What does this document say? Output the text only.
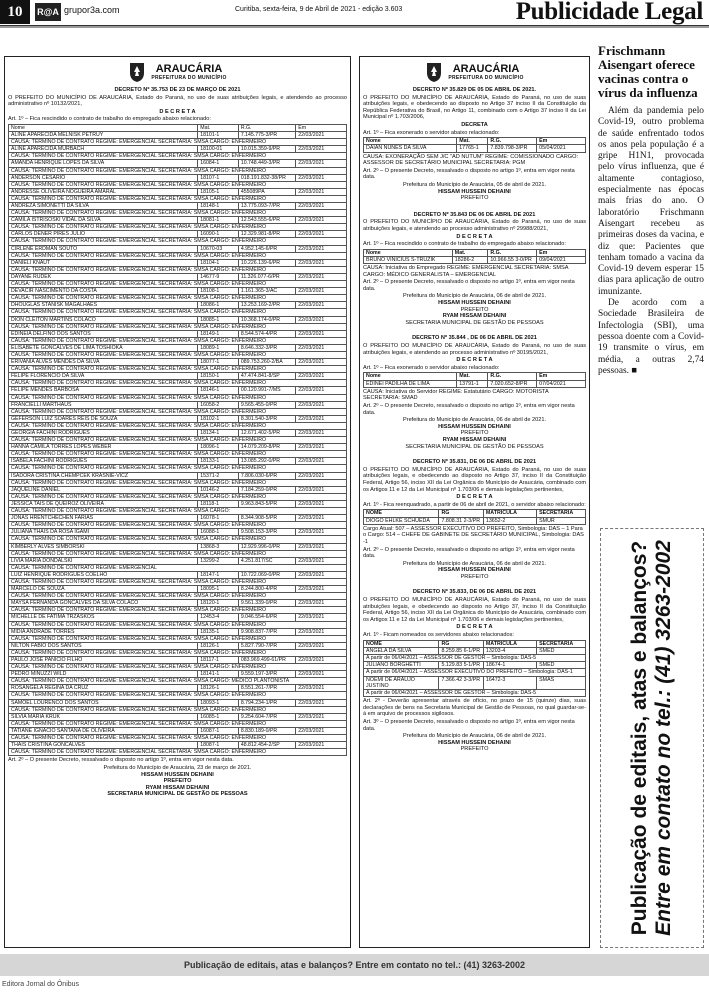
10	R@A grupor3a.com	Curitiba, sexta-feira, 9 de Abril de 2021 - edição 3.603	Publicidade Legal
ARAUCÁRIA
PREFEITURA DO MUNICÍPIO
DECRETO Nº 35.753 DE 23 DE MARÇO DE 2021
O PREFEITO DO MUNICÍPIO DE ARAUCÁRIA, Estado do Paraná, no uso de suas atribuições legais, e atendendo ao processo administrativo nº 10132/2021,
D E C R E T A
Art. 1º – Fica rescindido o contrato de trabalho do empregado abaixo relacionado:
Nome	Mat.	R.G.	Em
ALINE APARECIDA MELNISK PETRUY	18101-1	7.145.775-3/PR	22/03/2021
CAUSA: TERMINO DE CONTRATO REGIME: EMERGENCIAL SECRETARIA: SMSA CARGO: ENFERMEIRO			
ALINE APARECIDA MURBACH	18100-01	10.015.359-9/PR	22/03/2021
CAUSA: TERMINO DE CONTRATO REGIME: EMERGENCIAL SECRETARIA: SMSA CARGO: ENFERMEIRO			
AMANDA HENRIQUE LOPES DA SILVA	16084-1	10.748.449-3/PR	22/03/2021
CAUSA: TERMINO DE CONTRATO REGIME: EMERGENCIAL SECRETARIA: SMSA CARGO: ENFERMEIRO			
ANDERSON CESARIO	18107-1	018.191.832-38/PR	22/03/2021
CAUSA: TERMINO DE CONTRATO REGIME: EMERGENCIAL SECRETARIA: SMSA CARGO: ENFERMEIRO			
ANDRESSE OLIVEIRA NOGUEIRA AMARAL	18105-1	455089PA	22/03/2021
CAUSA: TERMINO DE CONTRATO REGIME: EMERGENCIAL SECRETARIA: SMSA CARGO: ENFERMEIRO			
ANDREZA SIMONETTI DA SILVA	18148-1	13.775.093-7/PR	22/03/2021
CAUSA: TERMINO DE CONTRATO REGIME: EMERGENCIAL SECRETARIA: SMSA CARGO: ENFERMEIRO			
CAMILA ISTRISOSKI VIDAL DA SILVA	18081-1	12.543.555-6/PR	22/03/2021
CAUSA: TERMINO DE CONTRATO REGIME: EMERGENCIAL SECRETARIA: SMSA CARGO: ENFERMEIRO			
CARLOS DENER PIRES JULIO	16090-1	12.329.981-8/PR	22/03/2021
CAUSA: TERMINO DE CONTRATO REGIME: EMERGENCIAL SECRETARIA: SMSA CARGO: ENFERMEIRO			
CIRLENE ERDMAN SOUTO	10670-03	4.952.145-6/PR	22/03/2021
CAUSA: TERMINO DE CONTRATO REGIME: EMERGENCIAL SECRETARIA: SMSA CARGO: ENFERMEIRO			
DANIELI KNAUT	18104-1	10.226.139-6/PR	22/03/2021
CAUSA: TERMINO DE CONTRATO REGIME: EMERGENCIAL SECRETARIA: SMSA CARGO: ENFERMEIRO			
DAYANE RUDEK	14677-9	11.326.077-6/PR	22/03/2021
CAUSA: TERMINO DE CONTRATO REGIME: EMERGENCIAL SECRETARIA: SMSA CARGO: ENFERMEIRO			
DEVACIR NASCIMENTO DA COSTA	18108-1	1.161.365-3/AC	22/03/2021
CAUSA: TERMINO DE CONTRATO REGIME: EMERGENCIAL SECRETARIA: SMSA CARGO: ENFERMEIRO			
DHOUGLAS STANISK MAGALHAES	18086-1	13.253.169-2/PR	22/03/2021
CAUSA: TERMINO DE CONTRATO REGIME: EMERGENCIAL SECRETARIA: SMSA CARGO: ENFERMEIRO			
DION CLEITON MARTINS COLACO	18085-1	10.368.174-0/PR	22/03/2021
CAUSA: TERMINO DE CONTRATO REGIME: EMERGENCIAL SECRETARIA: SMSA CARGO: ENFERMEIRO			
EDINEIA DELFINO DOS SANTOS	18149-1	8.544.574-4/PR	22/03/2021
CAUSA: TERMINO DE CONTRATO REGIME: EMERGENCIAL SECRETARIA: SMSA CARGO: ENFERMEIRO			
ELISABETE GONCALVES DE LIMA TOSHIOKA	18089-1	8.646.332-3/PR	22/03/2021
CAUSA: TERMINO DE CONTRATO REGIME: EMERGENCIAL SECRETARIA: SMSA CARGO: ENFERMEIRO			
ERIVANIA ALVES MENDES DA SILVA	18077-1	089.753.260-2/BA	22/03/2021
CAUSA: TERMINO DE CONTRATO REGIME: EMERGENCIAL SECRETARIA: SMSA CARGO: ENFERMEIRO			
FELIPE FLORENCIO DA SILVA	18150-1	47.474.841-8/SP	22/03/2021
CAUSA: TERMINO DE CONTRATO REGIME: EMERGENCIAL SECRETARIA: SMSA CARGO: ENFERMEIRO			
FELIPE MENDES BARBOSA	18146-1	00.120.991-7/MS	22/03/2021
CAUSA: TERMINO DE CONTRATO REGIME: EMERGENCIAL SECRETARIA: SMSA CARGO: ENFERMEIRO			
FRANCIELLI MARTHAUS	16058-2	9.565.455-0/PR	22/03/2021
CAUSA: TERMINO DE CONTRATO REGIME: EMERGENCIAL SECRETARIA: SMSA CARGO: ENFERMEIRO			
GEFERSON LUIZ SOARES REIS DE SOUZA	18102-1	8.301.540-3/PR	22/03/2021
CAUSA: TERMINO DE CONTRATO REGIME: EMERGENCIAL SECRETARIA: SMSA CARGO: ENFERMEIRO			
GEORGIA FACHINI RODRIGUES	18134-1	12.671.402-5/PR	22/03/2021
CAUSA: TERMINO DE CONTRATO REGIME: EMERGENCIAL SECRETARIA: SMSA CARGO: ENFERMEIRO			
HANNA CAMILA TORRES LOPES WEBER	18096-1	14.079.209-8/PR	22/03/2021
CAUSA: TERMINO DE CONTRATO REGIME: EMERGENCIAL SECRETARIA: SMSA CARGO: ENFERMEIRO			
ISABELA FACHINI RODRIGUES	18133-1	13.085.292-0/PR	22/03/2021
CAUSA: TERMINO DE CONTRATO REGIME: EMERGENCIAL SECRETARIA: SMSA CARGO: ENFERMEIRO			
ISADORA CRISTINA CHEMPCEK KRASNIE-VICZ	15371-2	7.806.030-6/PR	22/03/2021
CAUSA: TERMINO DE CONTRATO REGIME: EMERGENCIAL SECRETARIA: SMSA CARGO: ENFERMEIRO			
JAQUELINE DANIEL	10146-2	7.184.259-0/PR	22/03/2021
CAUSA: TERMINO DE CONTRATO REGIME: EMERGENCIAL SECRETARIA: SMSA CARGO: ENFERMEIRO			
JESSICA TAIS DE QUEIROZ OLIVEIRA	18118-1	9.963.843-5/PR	22/03/2021
CAUSA: TERMINO DE CONTRATO REGIME: EMERGENCIAL SECRETARIA: SMSA CARGO:			
JONAS HRENTCHECHEN FARIAS	16078-1	8.344.908-5/PR	22/03/2021
CAUSA: TERMINO DE CONTRATO REGIME: EMERGENCIAL SECRETARIA: SMSA CARGO: ENFERMEIRO			
JULIANA THAIS DA ROSA IGAMI	16088-1	9.508.153-3/PR	22/03/2021
CAUSA: TERMINO DE CONTRATO REGIME: EMERGENCIAL SECRETARIA: SMSA CARGO: ENFERMEIRO			
KIMBERLY ALVES SIMBORSKI	13868-3	12.929.996-0/PR	22/03/2021
CAUSA: TERMINO DE CONTRATO REGIME: EMERGENCIAL SECRETARIA: SMSA CARGO: ENFERMEIRO			
LIVIA MARIA DONDALSKI	13299-2	4.251.817/SC	22/03/2021
CAUSA: TERMINO DE CONTRATO REGIME: EMERGENCIAL			
LUIZ HENRIQUE RODRIGUES COELHO	18147-1	10.722.069-0/PR	22/03/2021
CAUSA: TERMINO DE CONTRATO REGIME: EMERGENCIAL SECRETARIA: SMSA CARGO: ENFERMEIRO			
MARCELO DE SOUZA	18095-1	8.244.800-4/PR	22/03/2021
CAUSA: TERMINO DE CONTRATO REGIME: EMERGENCIAL SECRETARIA: SMSA CARGO: ENFERMEIRO			
MAYSA FERNANDA GONCALVES DA SILVA COLACO	18120-1	9.561.339-0/PR	22/03/2021
CAUSA: TERMINO DE CONTRATO REGIME: EMERGENCIAL SECRETARIA: SMSA CARGO: ENFERMEIRO			
MICHELLE DE FATIMA TRZASKOS	12453-4	9.046.554-6/PR	22/03/2021
CAUSA: TERMINO DE CONTRATO REGIME: EMERGENCIAL SECRETARIA: SMSA CARGO: ENFERMEIRO			
MIDIA ANDRADE TORRES	18135-1	9.908.837-7/PR	22/03/2021
CAUSA: TERMINO DE CONTRATO REGIME: EMERGENCIAL SECRETARIA: SMSA CARGO: ENFERMEIRO			
NILTON FABIO DOS SANTOS	18126-1	5.827.790-7/PR	22/03/2021
CAUSA: TERMINO DE CONTRATO REGIME: EMERGENCIAL SECRETARIA: SMSA CARGO: ENFERMEIRO			
PAULO JOSE PANICIO FILHO	18117-1	083.969.499-61/PR	22/03/2021
CAUSA: TERMINO DE CONTRATO REGIME: EMERGENCIAL SECRETARIA: SMSA CARGO: ENFERMEIRO			
PEDRO MINUZZI WILD	18141-1	9.559.197-3/PR	22/03/2021
CAUSA: TERMINO DE CONTRATO REGIME: EMERGENCIAL SECRETARIA: SMSA CARGO: MEDICO PLANTONISTA			
ROSANGELA REGINA DA CRUZ	18126-1	8.551.261-7/PR	22/03/2021
CAUSA: TERMINO DE CONTRATO REGIME: EMERGENCIAL SECRETARIA: SMSA CARGO: ENFERMEIRO			
SAMOEL LOURENCO DOS SANTOS	18093-1	8.794.234-1/PR	22/03/2021
CAUSA: TERMINO DE CONTRATO REGIME: EMERGENCIAL SECRETARIA: SMSA CARGO: ENFERMEIRO			
SILVIA MARIA KRUK	16085-1	9.254.604-7/PR	22/03/2021
CAUSA: TERMINO DE CONTRATO REGIME: EMERGENCIAL SECRETARIA: SMSA CARGO: ENFERMEIRO			
TATIANE IGNACIO SANTANA DE OLIVEIRA	16087-1	8.830.189-0/PR	22/03/2021
CAUSA: TERMINO DE CONTRATO REGIME: EMERGENCIAL SECRETARIA: SMSA CARGO: ENFERMEIRO			
THAIS CRISTINA GONCALVES	18087-1	48.812.454-2/SP	22/03/2021
CAUSA: TERMINO DE CONTRATO REGIME: EMERGENCIAL SECRETARIA: SMSA CARGO: ENFERMEIRO			
Art. 2º – O presente Decreto, ressalvado o disposto no artigo 1º, entra em vigor nesta data.
Prefeitura do Município de Araucária, 23 de março de 2021.
HISSAM HUSSEIN DEHAINI
PREFEITO
RYAM HISSAM DEHAINI
SECRETARIA MUNICIPAL DE GESTÃO DE PESSOAS
ARAUCÁRIA
PREFEITURA DO MUNICÍPIO
DECRETO Nº 35.829 DE 05 DE ABRIL DE 2021.
O PREFEITO DO MUNICÍPIO DE ARAUCÁRIA, Estado do Paraná, no uso de suas atribuições legais, e obedecendo ao disposto no Artigo 37 inciso II da Constituição da República Federativa do Brasil, no Artigo 11, combinado com o Artigo 37 inciso II da Lei Municipal nº 1.703/2006,
DECRETA
Art. 1º – Fica exonerado o servidor abaixo relacionado:
Nome	Mat.	R.G.	Em
DAIAN NUNES DA SILVA	17765-1	7.839.798-3/PR	05/04/2021
CAUSA: EXONERAÇÃO SEM J/C "AD NUTUM" REGIME: COMISSIONADO CARGO: ASSESSOR DE SECRETÁRIO MUNICIPAL SECRETARIA: PGM
Art. 2º – O presente Decreto, ressalvado o disposto no artigo 1º, entra em vigor nesta data.
Prefeitura do Município de Araucária, 05 de abril de 2021.
HISSAM HUSSEIN DEHAINI
PREFEITO
DECRETO Nº 35.843 DE 06 DE ABRIL DE 2021
O PREFEITO DO MUNICÍPIO DE ARAUCÁRIA, Estado do Paraná, no uso de suas atribuições legais, e atendendo ao processo administrativo nº 29988/2021,
D E C R E T A
Art. 1º – Fica rescindido o contrato de trabalho do empregado abaixo relacionado:
Nome	Mat.	R.G.	Em
BRUNO VINICIUS S-TRUZIK	18286-2	10.966.55 3-0/PR	09/04/2021
CAUSA: Iniciativa do Empregado REGIME: EMERGENCIAL SECRETARIA: SMSA CARGO: MÉDICO GENERALISTA – EMERGENCIAL
Art. 2º – O presente Decreto, ressalvado o disposto no artigo 1º, entra em vigor nesta data.
Prefeitura do Município de Araucária, 06 de abril de 2021.
HISSAM HUSSEIN DEHAINI
PREFEITO
RYAM HISSAM DEHAINI
SECRETARIA MUNICIPAL DE GESTÃO DE PESSOAS
DECRETO Nº 35.844 , DE 06 DE ABRIL DE 2021
O PREFEITO DO MUNICÍPIO DE ARAUCÁRIA, Estado do Paraná, no uso de suas atribuições legais, e atendendo ao processo administrativo nº 30195/2021,
D E C R E T A
Art. 1º – Fica exonerado o servidor abaixo relacionado:
Nome	Mat.	R.G.	Em
EDINEI PADILHA DE LIMA	13791-1	7.020.652-8/PR	07/04/2021
CAUSA: Iniciativa do Servidor REGIME: Estatutário CARGO: MOTORISTA SECRETARIA: SMAD
Art. 2º – O presente Decreto, ressalvado o disposto no artigo 1º, entra em vigor nesta data.
Prefeitura do Município de Araucária, 06 de abril de 2021.
HISSAM HUSSEIN DEHAINI
PREFEITO
RYAM HISSAM DEHAINI
SECRETARIA MUNICIPAL DE GESTÃO DE PESSOAS
DECRETO Nº 35.831, DE 06 DE ABRIL DE 2021
O PREFEITO DO MUNICÍPIO DE ARAUCÁRIA, Estado do Paraná, no uso de suas atribuições legais, e obedecendo ao disposto no Artigo 37, inciso II da Constituição Federal, Artigo 56, inciso XII da Lei Orgânica do Município de Araucária, combinado com os Artigos 11 e 12 da Lei Municipal nº 1.703/06 e demais legislações pertinentes,
D E C R E T A
Art. 1º - Fica reenquadrado, a partir de 06 de abril de 2021, o servidor abaixo relacionado:
NOME	RG	MATRÍCULA	SECRETARIA
DIOGO EHLKE SCHUEDA	7.808.31 2-3/PR	13652-2	SMUR
Cargo Atual: 507 – ASSESSOR EXECUTIVO DO PREFEITO, Simbologia: DAS – 1 Para o Cargo: 514 – CHEFE DE GABINETE DE SECRETÁRIO MUNICIPAL, Simbologia: DAS -1
Art. 2º – O presente Decreto, ressalvado o disposto no artigo 1º, entra em vigor nesta data.
Prefeitura do Município de Araucária, 06 de abril de 2021.
HISSAM HUSSEIN DEHAINI
PREFEITO
DECRETO Nº 35.833, DE 06 DE ABRIL DE 2021
O PREFEITO DO MUNICÍPIO DE ARAUCÁRIA, Estado do Paraná, no uso de suas atribuições legais, e obedecendo ao disposto no Artigo 37, inciso II da Constituição Federal, Artigo 56, inciso XII da Lei Orgânica do Município de Araucária, combinado com os Artigos 11 e 12 da Lei Municipal nº 1.703/06 e demais legislações pertinentes,
D E C R E T A
Art. 1º - Ficam nomeados os servidores abaixo relacionados:
NOME	RG	MATRÍCULA	SECRETARIA
ANGELA DA SILVA	8.259.85 6-1/PR	13203-4	SMED
A partir de 06/04/2021 – ASSESSOR DE GESTOR – Simbologia: DAS-5			
JULIANO BORGHETTI	5.129.83 5-1/PR	18674-1	SMED
A partir de 06/04/2021 – ASSESSOR EXECUTIVO DO PREFEITO – Simbologia: DAS-1			
NOEMI DE ARAUJO JUSTINO	7.366.42 3-3/PR	16472-3	SMAS
A partir de 06/04/2021 – ASSESSOR DE GESTOR – Simbologia: DAS-5			
Art. 2º - Deverão apresentar através de ofício, no prazo de 15 (quinze) dias, suas declarações de bens na Secretaria Municipal de Gestão de Pessoas, no qual guardar-se-á em arquivo de processos sigilosos.
Art. 3º – O presente Decreto, ressalvado o disposto no artigo 1º, entra em vigor nesta data.
Prefeitura do Município de Araucária, 06 de abril de 2021.
HISSAM HUSSEIN DEHAINI
PREFEITO
Frischmann Aisengart oferece vacinas contra o vírus da influenza
Além da pandemia pelo Covid-19, outro problema de saúde enfrentado todos os anos pela população é a gripe H1N1, provocada pelo vírus influenza, que é altamente contagioso, especialmente nas épocas mais frias do ano. O laboratório Frischmann Aisengart recebeu as primeiras doses da vacina, e diz que: Pacientes que tenham tomado a vacina da Covid-19 devem esperar 15 dias para aplicação de outro imunizante.
De acordo com a Sociedade Brasileira de Infectologia (SBI), uma pessoa doente com a Covid-19 transmite o vírus, em média, a outras 2,74 pessoas. ■
Publicação de editais, atas e balanços? Entre em contato no tel.: (41) 3263-2002
Publicação de editais, atas e balanços? Entre em contato no tel.: (41) 3263-2002
Editora Jornal do Ônibus
